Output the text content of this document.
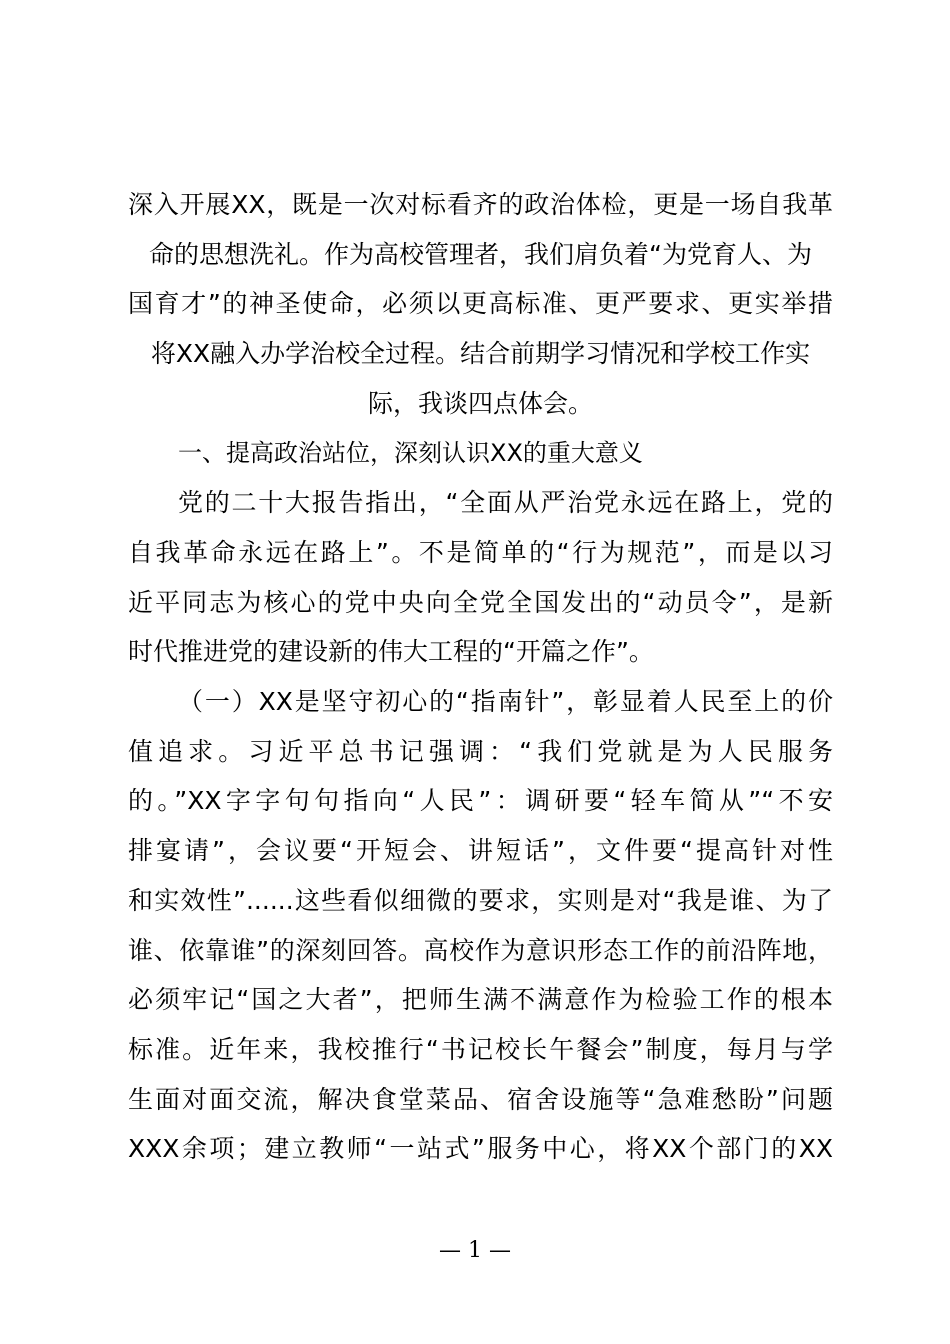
深入开展XX，既是一次对标看齐的政治体检，更是一场自我革
命的思想洗礼。作为高校管理者，我们肩负着“为党育人、为
国育才”的神圣使命，必须以更高标准、更严要求、更实举措
将XX融入办学治校全过程。结合前期学习情况和学校工作实
际，我谈四点体会。
一、提高政治站位，深刻认识XX的重大意义
党的二十大报告指出，“全面从严治党永远在路上，党的
自我革命永远在路上”。不是简单的“行为规范”，而是以习
近平同志为核心的党中央向全党全国发出的“动员令”，是新
时代推进党的建设新的伟大工程的“开篇之作”。
（一）XX是坚守初心的“指南针”，彰显着人民至上的价
值追求。习近平总书记强调：“我们党就是为人民服务
的。”XX字字句句指向“人民”：调研要“轻车简从”“不安
排宴请”，会议要“开短会、讲短话”，文件要“提高针对性
和实效性”......这些看似细微的要求，实则是对“我是谁、为了
谁、依靠谁”的深刻回答。高校作为意识形态工作的前沿阵地，
必须牢记“国之大者”，把师生满不满意作为检验工作的根本
标准。近年来，我校推行“书记校长午餐会”制度，每月与学
生面对面交流，解决食堂菜品、宿舍设施等“急难愁盼”问题
XXX余项；建立教师“一站式”服务中心，将XX个部门的XX
— 1 —
